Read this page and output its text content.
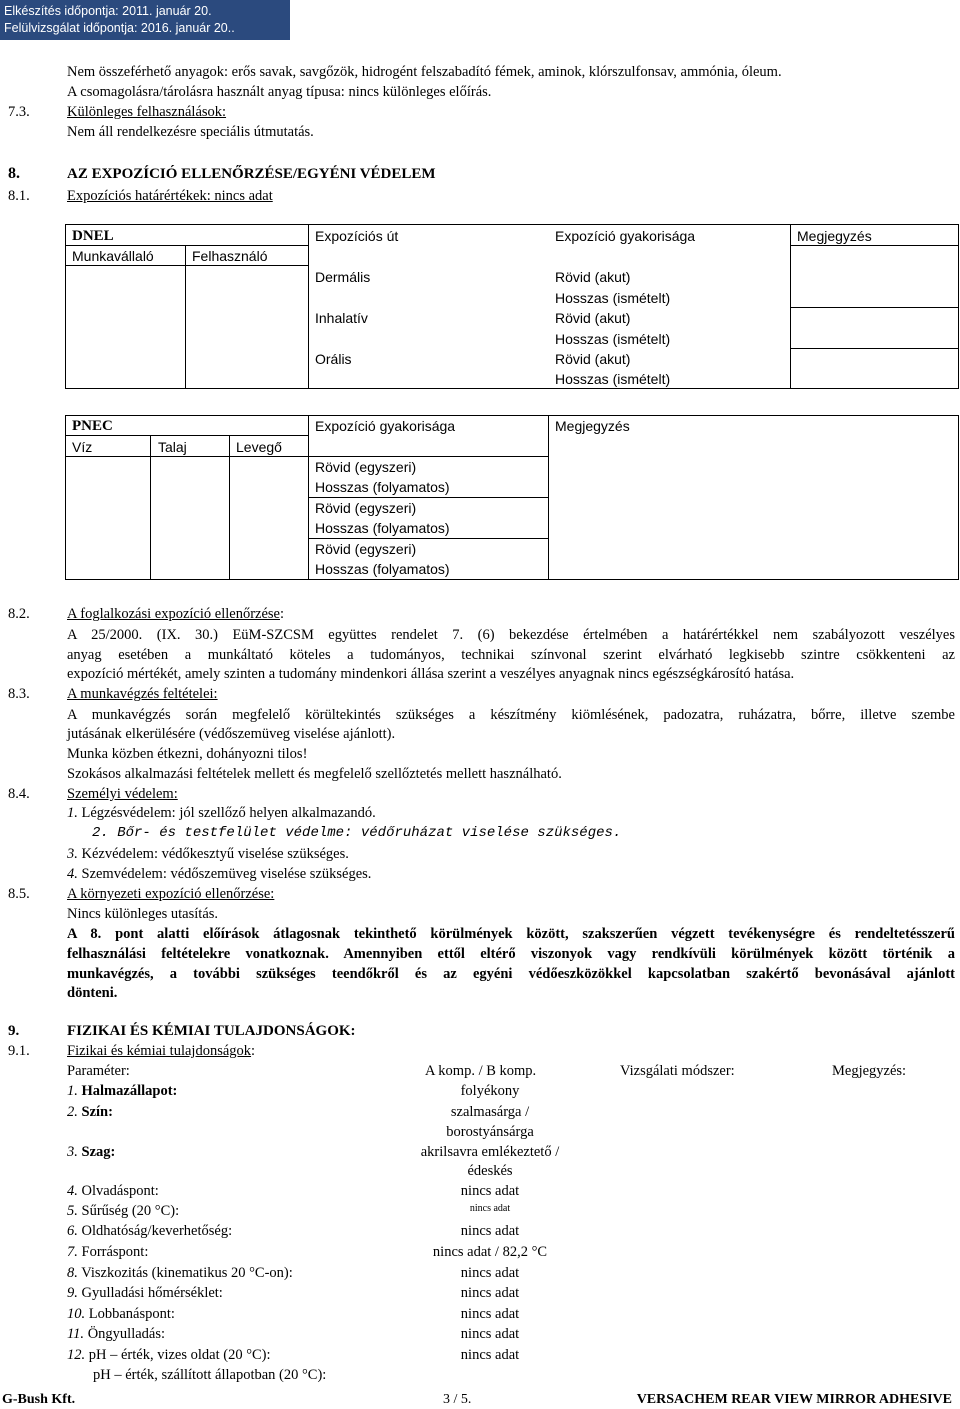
Elkészítés időpontja: 2011. január 20.
Felülvizsgálat időpontja: 2016. január 20..
Nem összeférhető anyagok: erős savak, savgőzök, hidrogént felszabadító fémek, aminok, klórszulfonsav, ammónia, óleum.
A csomagolásra/tárolásra használt anyag típusa: nincs különleges előírás.
7.3.	Különleges felhasználások:
Nem áll rendelkezésre speciális útmutatás.
8.	AZ EXPOZÍCIÓ ELLENŐRZÉSE/EGYÉNI VÉDELEM
8.1.	Expozíciós határértékek: nincs adat
DNEL	Expozíciós út	Expozíció gyakorisága	Megjegyzés
Munkavállaló	Felhasználó
Dermális	Rövid (akut)
Hosszas (ismételt)
Inhalatív	Rövid (akut)
Hosszas (ismételt)
Orális	Rövid (akut)
Hosszas (ismételt)
PNEC	Expozíció gyakorisága	Megjegyzés
Víz	Talaj	Levegő
Rövid (egyszeri)
Hosszas (folyamatos)
Rövid (egyszeri)
Hosszas (folyamatos)
Rövid (egyszeri)
Hosszas (folyamatos)
8.2.	A foglalkozási expozíció ellenőrzése:
A 25/2000. (IX. 30.) EüM-SZCSM együttes rendelet 7. (6) bekezdése értelmében a határértékkel nem szabályozott veszélyes
anyag esetében a munkáltató köteles a tudományos, technikai színvonal szerint elvárható legkisebb szintre csökkenteni az
expozíció mértékét, amely szinten a tudomány mindenkori állása szerint a veszélyes anyagnak nincs egészségkárosító hatása.
8.3.	A munkavégzés feltételei:
A munkavégzés során megfelelő körültekintés szükséges a készítmény kiömlésének, padozatra, ruházatra, bőrre, illetve szembe
jutásának elkerülésére (védőszemüveg viselése ajánlott).
Munka közben étkezni, dohányozni tilos!
Szokásos alkalmazási feltételek mellett és megfelelő szellőztetés mellett használható.
8.4.	Személyi védelem:
1. Légzésvédelem: jól szellőző helyen alkalmazandó.
2. Bőr- és testfelület védelme: védőruházat viselése szükséges.
3. Kézvédelem: védőkesztyű viselése szükséges.
4. Szemvédelem: védőszemüveg viselése szükséges.
8.5.	A környezeti expozíció ellenőrzése:
Nincs különleges utasítás.
A 8. pont alatti előírások átlagosnak tekinthető körülmények között, szakszerűen végzett tevékenységre és rendeltetésszerű
felhasználási feltételekre vonatkoznak. Amennyiben ettől eltérő viszonyok vagy rendkívüli körülmények között történik a
munkavégzés, a további szükséges teendőkről és az egyéni védőeszközökkel kapcsolatban szakértő bevonásával ajánlott
dönteni.
9.	FIZIKAI ÉS KÉMIAI TULAJDONSÁGOK:
9.1.	Fizikai és kémiai tulajdonságok:
Paraméter:	A komp. / B komp.	Vizsgálati módszer:	Megjegyzés:
1. Halmazállapot:	folyékony
2. Szín:	szalmasárga /
borostyánsárga
3. Szag:	akrilsavra emlékeztető /
édeskés
4. Olvadáspont:	nincs adat
5. Sűrűség (20 °C):	nincs adat
6. Oldhatóság/keverhetőség:	nincs adat
7. Forráspont:	nincs adat / 82,2 °C
8. Viszkozitás (kinematikus 20 °C-on):	nincs adat
9. Gyulladási hőmérséklet:	nincs adat
10. Lobbanáspont:	nincs adat
11. Öngyulladás:	nincs adat
12. pH – érték, vizes oldat (20 °C):	nincs adat
pH – érték, szállított állapotban (20 °C):
G-Bush Kft.	3 / 5.	VERSACHEM REAR VIEW MIRROR ADHESIVE
